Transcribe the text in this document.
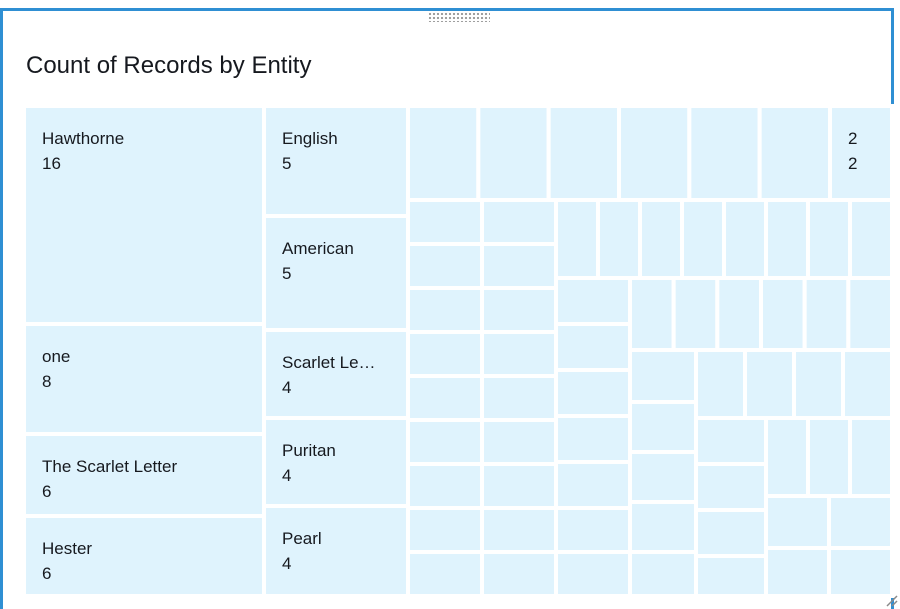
Count of Records by Entity
Hawthorne
16
one
8
The Scarlet Letter
6
Hester
6
English
5
American
5
Scarlet Le…
4
Puritan
4
Pearl
4
2
2
